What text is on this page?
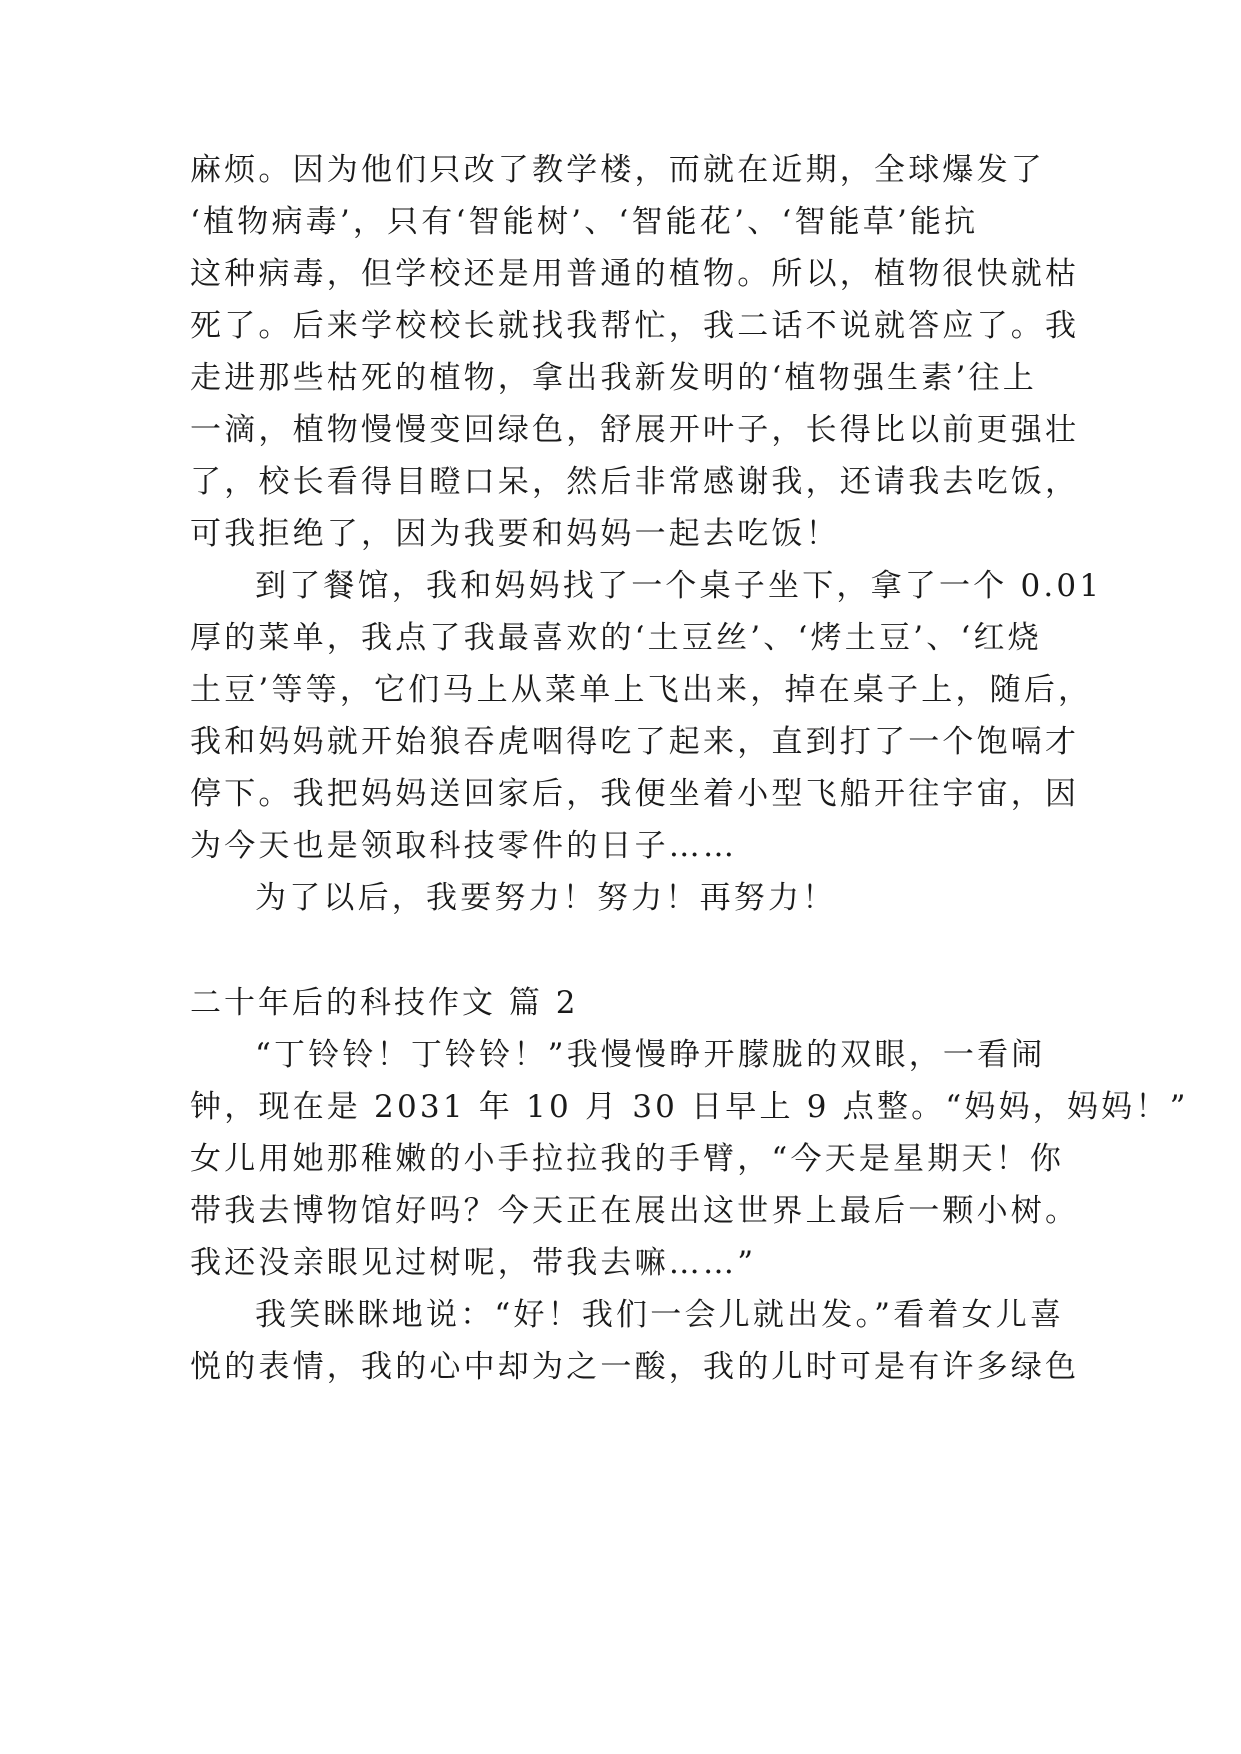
麻烦。因为他们只改了教学楼，而就在近期，全球爆发了
‘植物病毒’，只有‘智能树’、‘智能花’、‘智能草’能抗
这种病毒，但学校还是用普通的植物。所以，植物很快就枯
死了。后来学校校长就找我帮忙，我二话不说就答应了。我
走进那些枯死的植物，拿出我新发明的‘植物强生素’往上
一滴，植物慢慢变回绿色，舒展开叶子，长得比以前更强壮
了，校长看得目瞪口呆，然后非常感谢我，还请我去吃饭，
可我拒绝了，因为我要和妈妈一起去吃饭！
到了餐馆，我和妈妈找了一个桌子坐下，拿了一个 0.01
厚的菜单，我点了我最喜欢的‘土豆丝’、‘烤土豆’、‘红烧
土豆’等等，它们马上从菜单上飞出来，掉在桌子上，随后，
我和妈妈就开始狼吞虎咽得吃了起来，直到打了一个饱嗝才
停下。我把妈妈送回家后，我便坐着小型飞船开往宇宙，因
为今天也是领取科技零件的日子……
为了以后，我要努力！努力！再努力！
二十年后的科技作文 篇 2
“丁铃铃！丁铃铃！”我慢慢睁开朦胧的双眼，一看闹
钟，现在是 2031 年 10 月 30 日早上 9 点整。“妈妈，妈妈！”
女儿用她那稚嫩的小手拉拉我的手臂，“今天是星期天！你
带我去博物馆好吗？今天正在展出这世界上最后一颗小树。
我还没亲眼见过树呢，带我去嘛……”
我笑眯眯地说：“好！我们一会儿就出发。”看着女儿喜
悦的表情，我的心中却为之一酸，我的儿时可是有许多绿色
